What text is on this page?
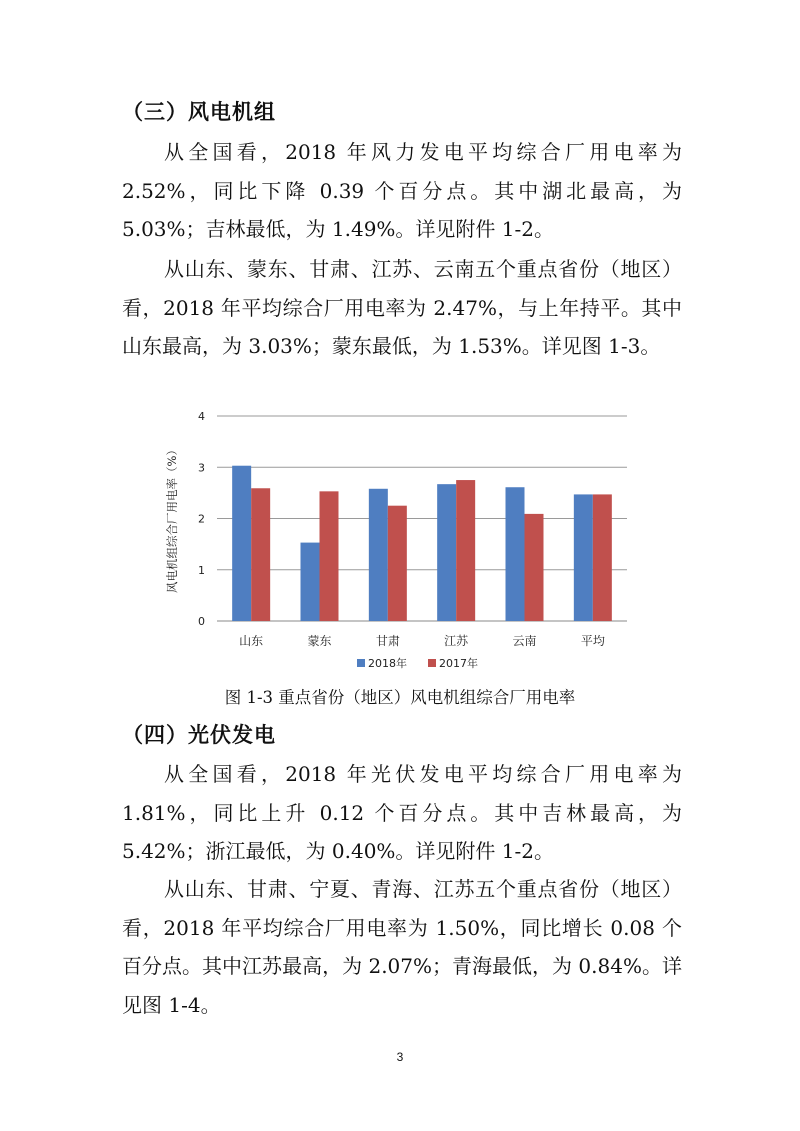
（三）风电机组

从全国看，2018 年风力发电平均综合厂用电率为 2.52%，同比下降 0.39 个百分点。其中湖北最高，为 5.03%；吉林最低，为 1.49%。详见附件 1-2。

从山东、蒙东、甘肃、江苏、云南五个重点省份（地区）看，2018 年平均综合厂用电率为 2.47%，与上年持平。其中山东最高，为 3.03%；蒙东最低，为 1.53%。详见图 1-3。

0
1
2
3
4
山东	蒙东	甘肃	江苏	云南	平均
风电机组综合厂用电率（%）
2018年	2017年

图 1-3 重点省份（地区）风电机组综合厂用电率

（四）光伏发电

从全国看，2018 年光伏发电平均综合厂用电率为 1.81%，同比上升 0.12 个百分点。其中吉林最高，为 5.42%；浙江最低，为 0.40%。详见附件 1-2。

从山东、甘肃、宁夏、青海、江苏五个重点省份（地区）看，2018 年平均综合厂用电率为 1.50%，同比增长 0.08 个百分点。其中江苏最高，为 2.07%；青海最低，为 0.84%。详见图 1-4。

3
